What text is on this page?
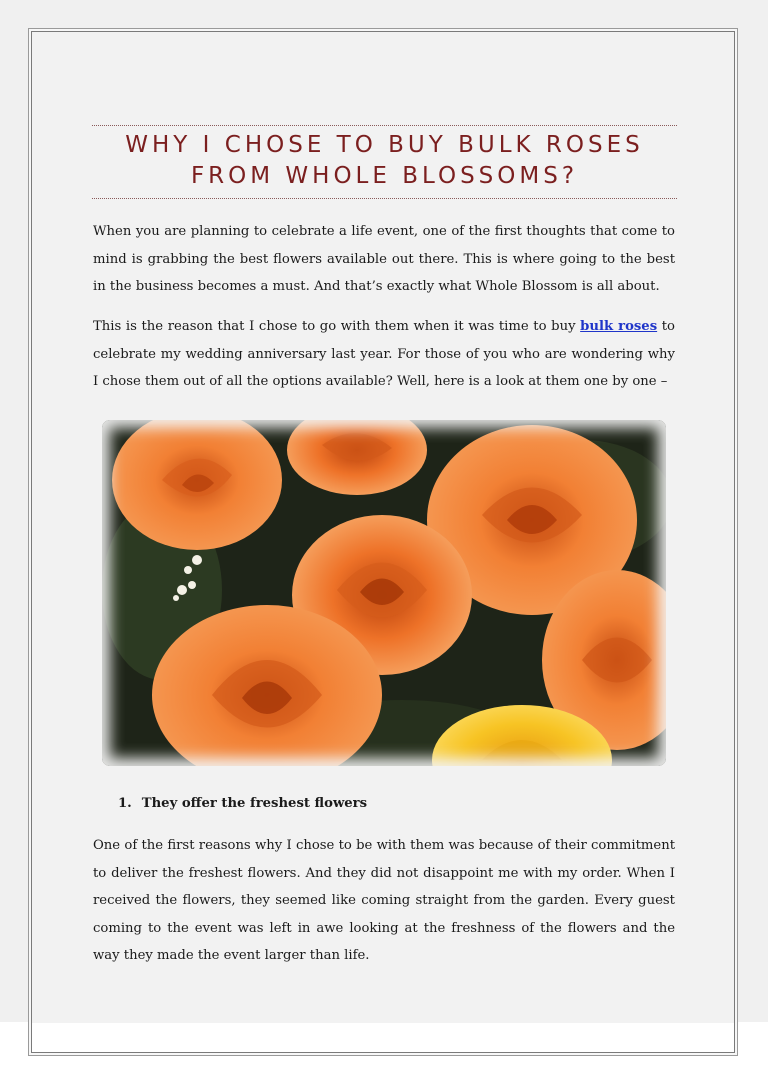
WHY I CHOSE TO BUY BULK ROSES
FROM WHOLE BLOSSOMS?

When you are planning to celebrate a life event, one of the first thoughts that come to mind is grabbing the best flowers available out there. This is where going to the best in the business becomes a must. And that’s exactly what Whole Blossom is all about.

This is the reason that I chose to go with them when it was time to buy bulk roses to celebrate my wedding anniversary last year. For those of you who are wondering why I chose them out of all the options available? Well, here is a look at them one by one –

1. They offer the freshest flowers

One of the first reasons why I chose to be with them was because of their commitment to deliver the freshest flowers. And they did not disappoint me with my order. When I received the flowers, they seemed like coming straight from the garden. Every guest coming to the event was left in awe looking at the freshness of the flowers and the way they made the event larger than life.
